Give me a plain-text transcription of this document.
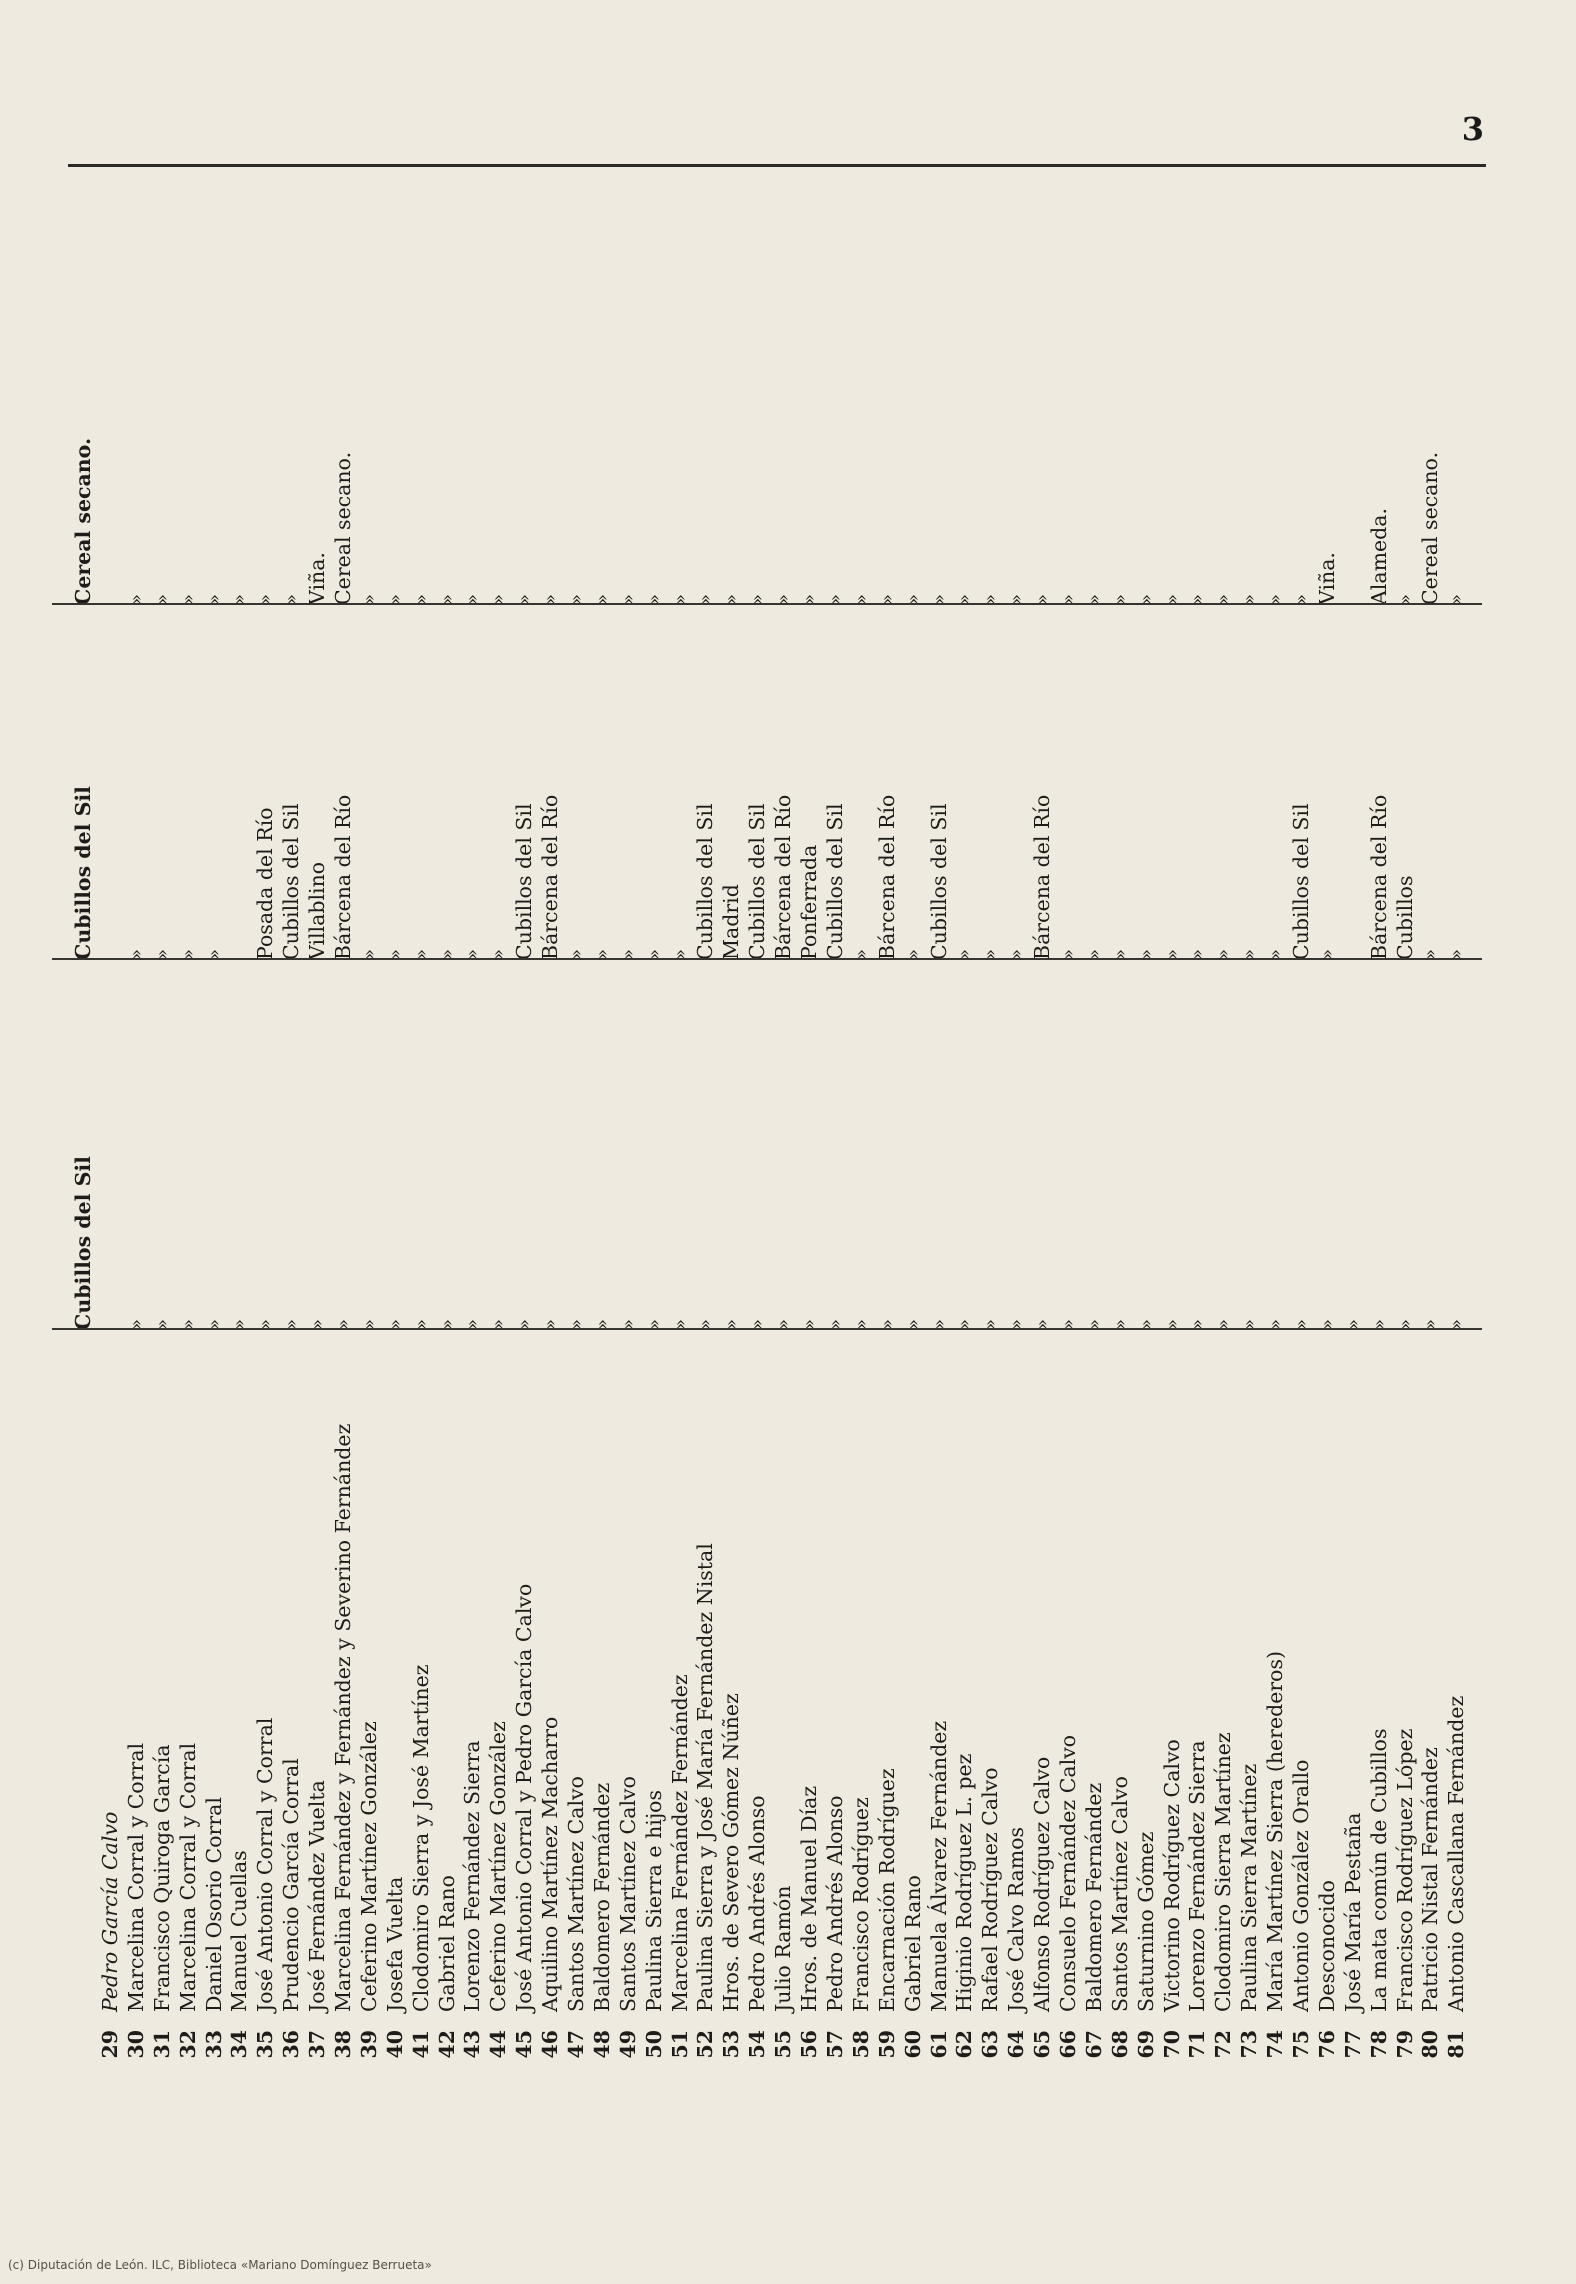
3
Cubillos del Sil
Cubillos del Sil
Cereal secano.
29
Pedro García Calvo
30
Marcelina Corral y Corral
»
»
»
31
Francisco Quiroga García
»
»
»
32
Marcelina Corral y Corral
»
»
»
33
Daniel Osorio Corral
»
»
»
34
Manuel Cuellas
»
»
35
José Antonio Corral y Corral
»
Posada del Río
»
36
Prudencio García Corral
»
Cubillos del Sil
»
37
José Fernández Vuelta
»
Villablino
Viña.
38
Marcelina Fernández y Fernández y Severino Fernández
»
Bárcena del Río
Cereal secano.
39
Ceferino Martínez González
»
»
»
40
Josefa Vuelta
»
»
»
41
Clodomiro Sierra y José Martínez
»
»
»
42
Gabriel Rano
»
»
»
43
Lorenzo Fernández Sierra
»
»
»
44
Ceferino Martínez González
»
»
»
45
José Antonio Corral y Pedro García Calvo
»
Cubillos del Sil
»
46
Aquilino Martínez Macharro
»
Bárcena del Río
»
47
Santos Martínez Calvo
»
»
»
48
Baldomero Fernández
»
»
»
49
Santos Martínez Calvo
»
»
»
50
Paulina Sierra e hijos
»
»
»
51
Marcelina Fernández Fernández
»
»
»
52
Paulina Sierra y José María Fernández Nistal
»
Cubillos del Sil
»
53
Hros. de Severo Gómez Núñez
»
Madrid
»
54
Pedro Andrés Alonso
»
Cubillos del Sil
»
55
Julio Ramón
»
Bárcena del Río
»
56
Hros. de Manuel Díaz
»
Ponferrada
»
57
Pedro Andrés Alonso
»
Cubillos del Sil
»
58
Francisco Rodríguez
»
»
»
59
Encarnación Rodríguez
»
Bárcena del Río
»
60
Gabriel Rano
»
»
»
61
Manuela Álvarez Fernández
»
Cubillos del Sil
»
62
Higinio Rodríguez L. pez
»
»
»
63
Rafael Rodríguez Calvo
»
»
»
64
José Calvo Ramos
»
»
»
65
Alfonso Rodríguez Calvo
»
Bárcena del Río
»
66
Consuelo Fernández Calvo
»
»
»
67
Baldomero Fernández
»
»
»
68
Santos Martínez Calvo
»
»
»
69
Saturnino Gómez
»
»
»
70
Victorino Rodríguez Calvo
»
»
»
71
Lorenzo Fernández Sierra
»
»
»
72
Clodomiro Sierra Martínez
»
»
»
73
Paulina Sierra Martínez
»
»
»
74
María Martínez Sierra (herederos)
»
»
»
75
Antonio González Orallo
»
Cubillos del Sil
»
76
Desconocido
»
»
Viña.
77
José María Pestaña
»
78
La mata común de Cubillos
»
Bárcena del Río
Alameda.
79
Francisco Rodríguez López
»
Cubillos
»
80
Patricio Nistal Fernández
»
»
Cereal secano.
81
Antonio Cascallana Fernández
»
»
»
(c) Diputación de León. ILC, Biblioteca «Mariano Domínguez Berrueta»
